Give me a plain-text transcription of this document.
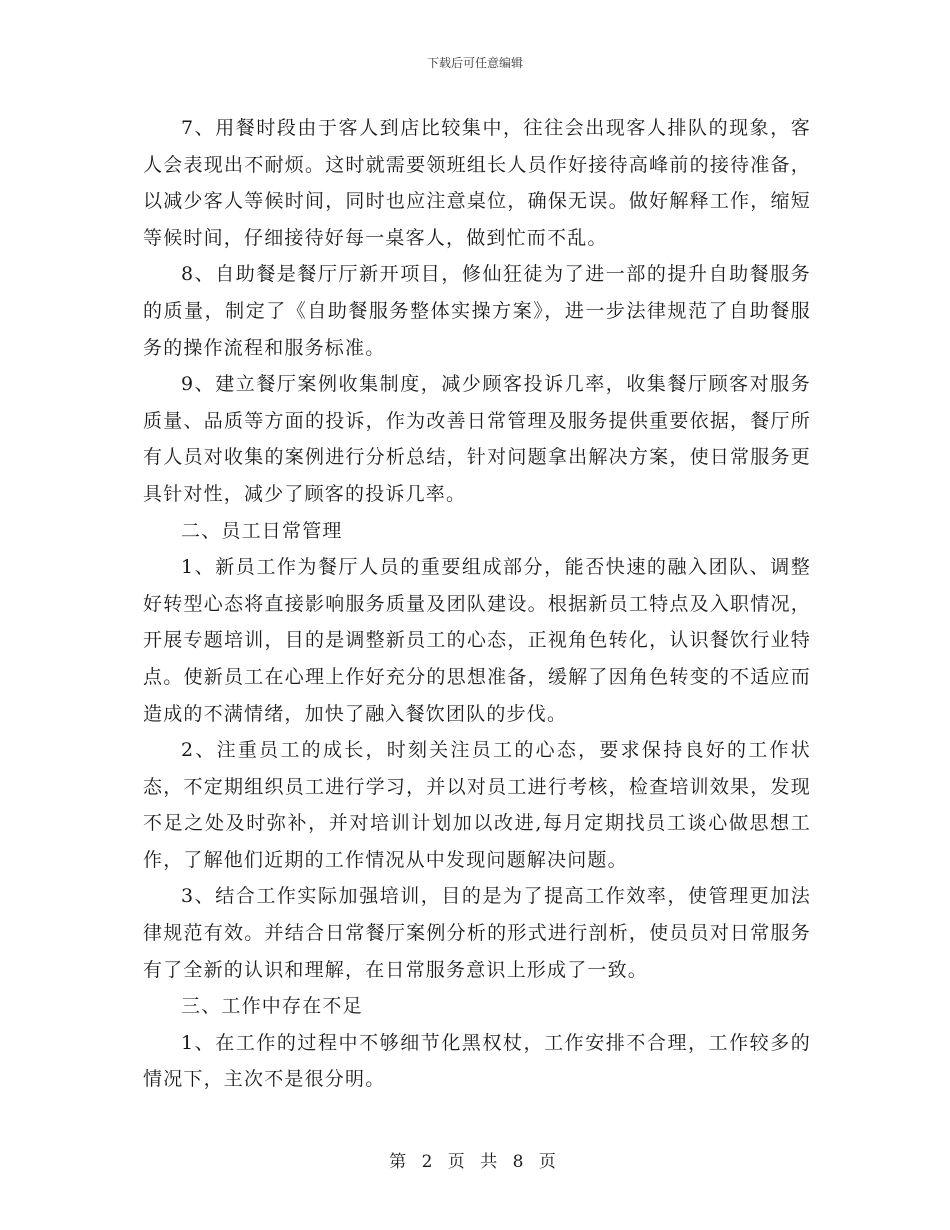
下载后可任意编辑

7、用餐时段由于客人到店比较集中，往往会出现客人排队的现象，客人会表现出不耐烦。这时就需要领班组长人员作好接待高峰前的接待准备，以减少客人等候时间，同时也应注意桌位，确保无误。做好解释工作，缩短等候时间，仔细接待好每一桌客人，做到忙而不乱。

8、自助餐是餐厅厅新开项目，修仙狂徒为了进一部的提升自助餐服务的质量，制定了《自助餐服务整体实操方案》，进一步法律规范了自助餐服务的操作流程和服务标准。

9、建立餐厅案例收集制度，减少顾客投诉几率，收集餐厅顾客对服务质量、品质等方面的投诉，作为改善日常管理及服务提供重要依据，餐厅所有人员对收集的案例进行分析总结，针对问题拿出解决方案，使日常服务更具针对性，减少了顾客的投诉几率。

二、员工日常管理

1、新员工作为餐厅人员的重要组成部分，能否快速的融入团队、调整好转型心态将直接影响服务质量及团队建设。根据新员工特点及入职情况，开展专题培训，目的是调整新员工的心态，正视角色转化，认识餐饮行业特点。使新员工在心理上作好充分的思想准备，缓解了因角色转变的不适应而造成的不满情绪，加快了融入餐饮团队的步伐。

2、注重员工的成长，时刻关注员工的心态，要求保持良好的工作状态，不定期组织员工进行学习，并以对员工进行考核，检查培训效果，发现不足之处及时弥补，并对培训计划加以改进,每月定期找员工谈心做思想工作，了解他们近期的工作情况从中发现问题解决问题。

3、结合工作实际加强培训，目的是为了提高工作效率，使管理更加法律规范有效。并结合日常餐厅案例分析的形式进行剖析，使员员对日常服务有了全新的认识和理解，在日常服务意识上形成了一致。

三、工作中存在不足

1、在工作的过程中不够细节化黑权杖，工作安排不合理，工作较多的情况下，主次不是很分明。

第 2 页 共 8 页
